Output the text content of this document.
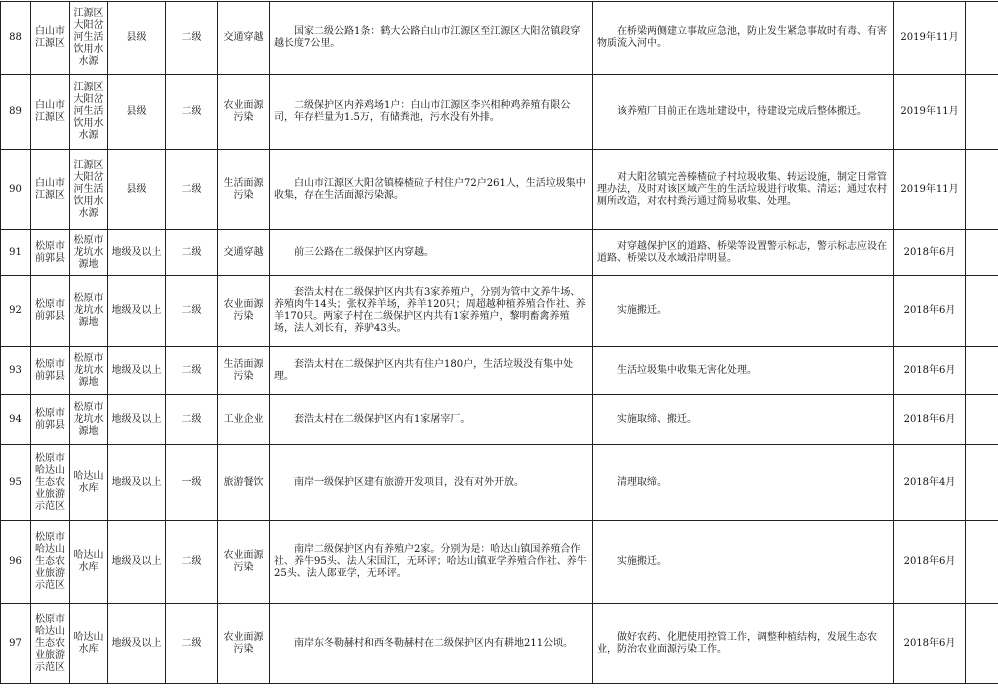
88	白山市江源区	江源区大阳岔河生活饮用水水源	县级	二级	交通穿越	国家二级公路1条：鹤大公路白山市江源区至江源区大阳岔镇段穿越长度7公里。	在桥梁两侧建立事故应急池，防止发生紧急事故时有毒、有害物质流入河中。	2019年11月	
89	白山市江源区	江源区大阳岔河生活饮用水水源	县级	二级	农业面源污染	二级保护区内养鸡场1户：白山市江源区李兴相种鸡养殖有限公司，年存栏量为1.5万，有储粪池，污水没有外排。	该养殖厂目前正在选址建设中，待建设完成后整体搬迁。	2019年11月	
90	白山市江源区	江源区大阳岔河生活饮用水水源	县级	二级	生活面源污染	白山市江源区大阳岔镇榛楂砬子村住户72户261人，生活垃圾集中收集，存在生活面源污染源。	对大阳岔镇完善榛楂砬子村垃圾收集、转运设施，制定日常管理办法，及时对该区域产生的生活垃圾进行收集、清运；通过农村厕所改造，对农村粪污通过简易收集、处理。	2019年11月	
91	松原市前郭县	松原市龙坑水源地	地级及以上	二级	交通穿越	前三公路在二级保护区内穿越。	对穿越保护区的道路、桥梁等设置警示标志，警示标志应设在道路、桥梁以及水域沿岸明显。	2018年6月	
92	松原市前郭县	松原市龙坑水源地	地级及以上	二级	农业面源污染	套浩太村在二级保护区内共有3家养殖户，分别为管中文养牛场、养殖肉牛14头；张权养羊场，养羊120只；周超越种植养殖合作社、养羊170只。两家子村在二级保护区内共有1家养殖户，黎明畜禽养殖场，法人刘长有，养驴43头。	实施搬迁。	2018年6月	
93	松原市前郭县	松原市龙坑水源地	地级及以上	二级	生活面源污染	套浩太村在二级保护区内共有住户180户，生活垃圾没有集中处理。	生活垃圾集中收集无害化处理。	2018年6月	
94	松原市前郭县	松原市龙坑水源地	地级及以上	二级	工业企业	套浩太村在二级保护区内有1家屠宰厂。	实施取缔、搬迁。	2018年6月	
95	松原市哈达山生态农业旅游示范区	哈达山水库	地级及以上	一级	旅游餐饮	南岸一级保护区建有旅游开发项目，没有对外开放。	清理取缔。	2018年4月	
96	松原市哈达山生态农业旅游示范区	哈达山水库	地级及以上	二级	农业面源污染	南岸二级保护区内有养殖户2家。分别为是：哈达山镇国养殖合作社、养牛95头、法人宋国江，无环评；哈达山镇亚学养殖合作社、养牛25头、法人郎亚学，无环评。	实施搬迁。	2018年6月	
97	松原市哈达山生态农业旅游示范区	哈达山水库	地级及以上	二级	农业面源污染	南岸东冬勒赫村和西冬勒赫村在二级保护区内有耕地211公顷。	做好农药、化肥使用控管工作，调整种植结构，发展生态农业，防治农业面源污染工作。	2018年6月	
